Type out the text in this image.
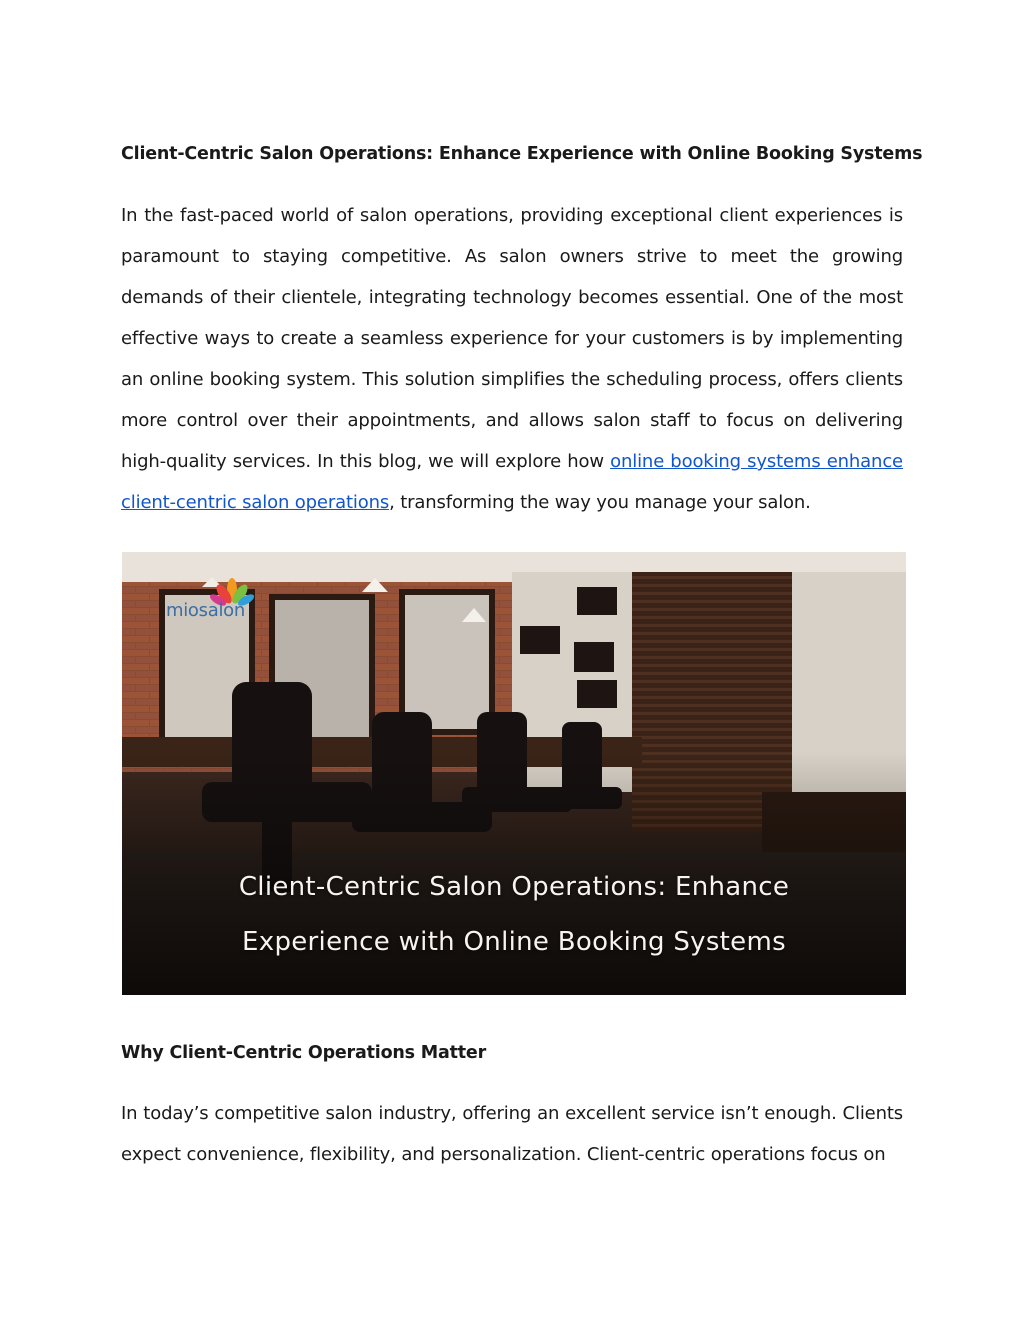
Client-Centric Salon Operations: Enhance Experience with Online Booking Systems

In the fast-paced world of salon operations, providing exceptional client experiences is paramount to staying competitive. As salon owners strive to meet the growing demands of their clientele, integrating technology becomes essential. One of the most effective ways to create a seamless experience for your customers is by implementing an online booking system. This solution simplifies the scheduling process, offers clients more control over their appointments, and allows salon staff to focus on delivering high-quality services. In this blog, we will explore how online booking systems enhance client-centric salon operations, transforming the way you manage your salon.

miosalon
Client-Centric Salon Operations: Enhance
Experience with Online Booking Systems
Why Client-Centric Operations Matter

In today’s competitive salon industry, offering an excellent service isn’t enough. Clients expect convenience, flexibility, and personalization. Client-centric operations focus on
